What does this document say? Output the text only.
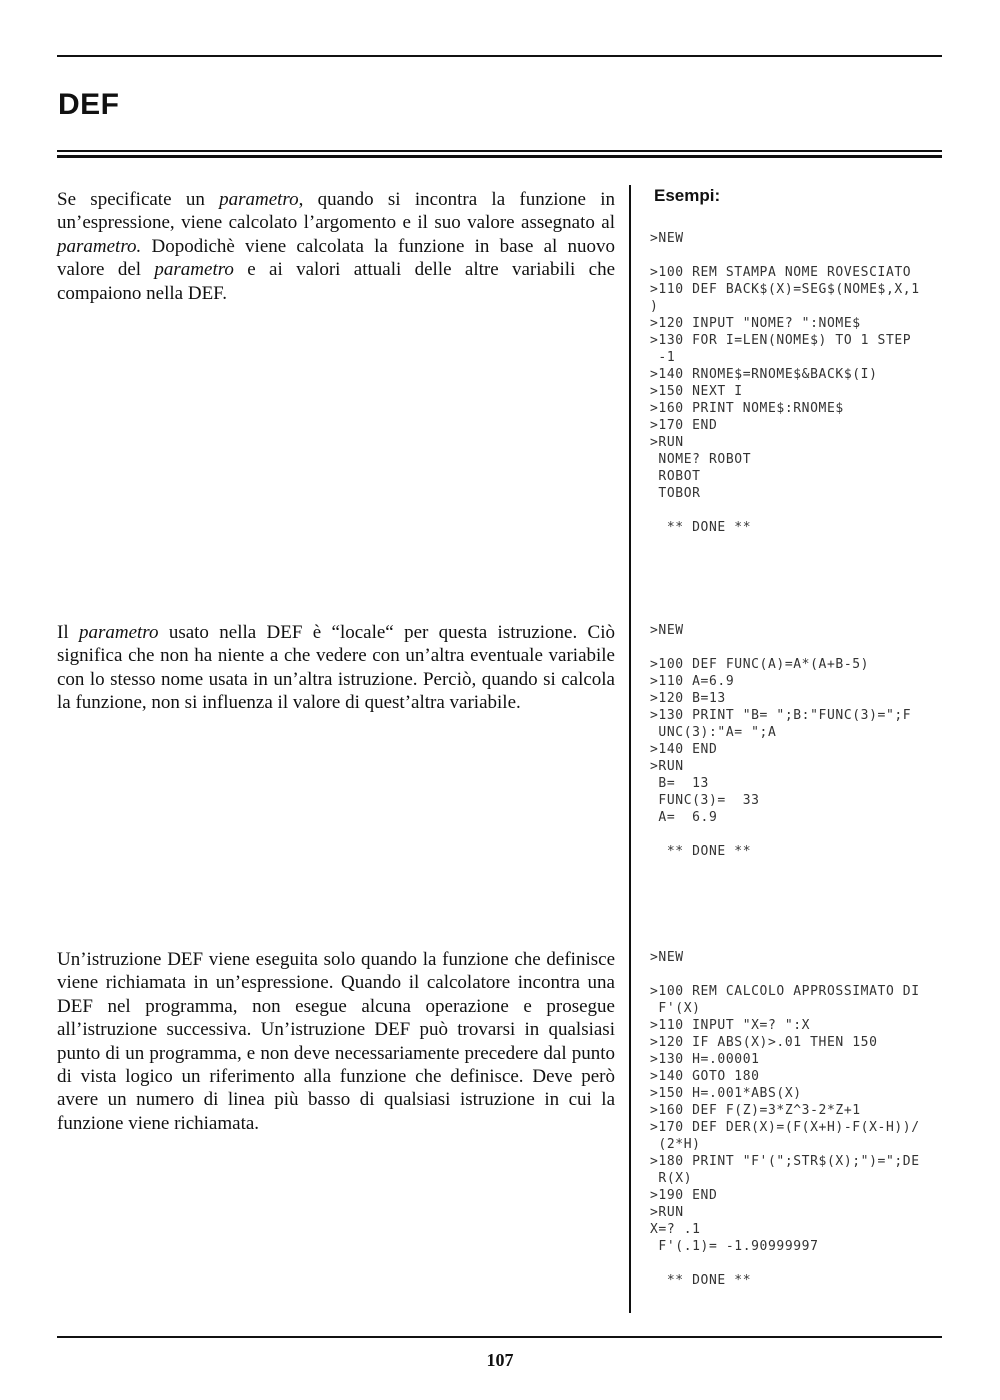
DEF

Se specificate un parametro, quando si incontra la funzione in un’espressione, viene calcolato l’argomento e il suo valore assegnato al parametro. Dopodichè viene calcolata la funzione in base al nuovo valore del parametro e ai valori attuali delle altre variabili che compaiono nella DEF.

Il parametro usato nella DEF è “locale“ per questa istruzione. Ciò significa che non ha niente a che vedere con un’altra eventuale variabile con lo stesso nome usata in un’altra istruzione. Perciò, quando si calcola la funzione, non si influenza il valore di quest’altra variabile.

Un’istruzione DEF viene eseguita solo quando la funzione che definisce viene richiamata in un’espressione. Quando il calcolatore incontra una DEF nel programma, non esegue alcuna operazione e prosegue all’istruzione successiva. Un’istruzione DEF può trovarsi in qualsiasi punto di un programma, e non deve necessariamente precedere dal punto di vista logico un riferimento alla funzione che definisce. Deve però avere un numero di linea più basso di qualsiasi istruzione in cui la funzione viene richiamata.

Esempi:
>NEW

>100 REM STAMPA NOME ROVESCIATO
>110 DEF BACK$(X)=SEG$(NOME$,X,1
)
>120 INPUT "NOME? ":NOME$
>130 FOR I=LEN(NOME$) TO 1 STEP
-1
>140 RNOME$=RNOME$&BACK$(I)
>150 NEXT I
>160 PRINT NOME$:RNOME$
>170 END
>RUN
NOME? ROBOT
ROBOT
TOBOR

** DONE **
>NEW

>100 DEF FUNC(A)=A*(A+B-5)
>110 A=6.9
>120 B=13
>130 PRINT "B= ";B:"FUNC(3)=";F
UNC(3):"A= ";A
>140 END
>RUN
B=  13
FUNC(3)=  33
A=  6.9

** DONE **
>NEW

>100 REM CALCOLO APPROSSIMATO DI
F'(X)
>110 INPUT "X=? ":X
>120 IF ABS(X)>.01 THEN 150
>130 H=.00001
>140 GOTO 180
>150 H=.001*ABS(X)
>160 DEF F(Z)=3*Z^3-2*Z+1
>170 DEF DER(X)=(F(X+H)-F(X-H))/
(2*H)
>180 PRINT "F'(";STR$(X);")=";DE
R(X)
>190 END
>RUN
X=? .1
F'(.1)= -1.90999997

** DONE **
107
